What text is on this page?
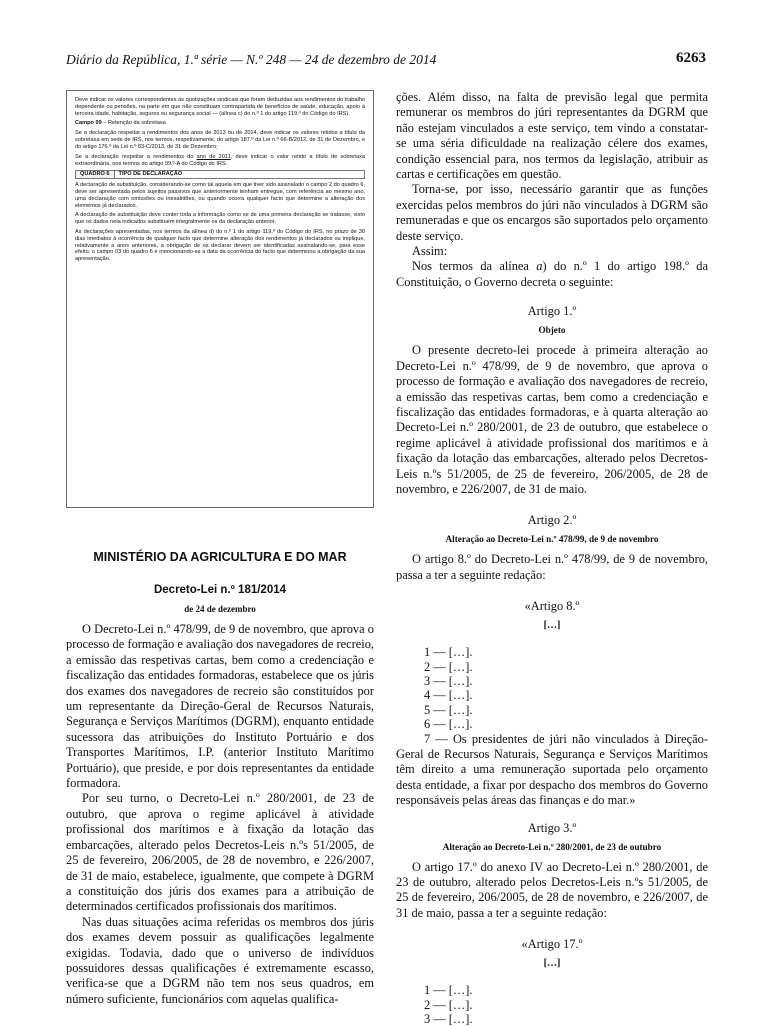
Diário da República, 1.ª série — N.º 248 — 24 de dezembro de 2014	6263

Deve indicar os valores correspondentes às quotizações sindicais que foram deduzidas aos rendimentos do trabalho dependente ou pensões, na parte em que não constituam contrapartida de benefícios de saúde, educação, apoio à terceira idade, habitação, seguros ou segurança social — (alínea c) do n.º 1 do artigo 119.º do Código do IRS).

Campo 09 – Retenção da sobretaxa

Se a declaração respeitar a rendimentos dos anos de 2013 ou de 2014, deve indicar os valores retidos a título da sobretaxa em sede de IRS, nos termos, respetivamente, do artigo 187.º da Lei n.º 66-B/2012, de 31 de Dezembro, e do artigo 176.º da Lei n.º 83-C/2013, de 31 de Dezembro;

Se a declaração respeitar a rendimentos do ano de 2011, deve indicar o valor retido a título de sobretaxa extraordinária, nos termos do artigo 99.º-A do Código do IRS.

QUADRO 6	TIPO DE DECLARAÇÃO

A declaração de substituição, considerando-se como tal aquela em que tiver sido assinalado o campo 2 do quadro 6, deve ser apresentada pelos sujeitos passivos que anteriormente tenham entregue, com referência ao mesmo ano, uma declaração com omissões ou inexatidões, ou quando ocorra qualquer facto que determine a alteração dos elementos já declarados.

A declaração de substituição deve conter toda a informação como se de uma primeira declaração se tratasse, visto que os dados nela indicados substituem integralmente os da declaração anterior.

As declarações apresentadas, nos termos da alínea d) do n.º 1 do artigo 119.º do Código do IRS, no prazo de 30 dias imediatos à ocorrência de qualquer facto que determine alteração dos rendimentos já declarados ou implique, relativamente a anos anteriores, a obrigação de os declarar devem ser identificadas assinalando-se, para esse efeito, o campo 03 do quadro 6 e mencionando-se a data da ocorrência do facto que determinou a obrigação da sua apresentação.

MINISTÉRIO DA AGRICULTURA E DO MAR
Decreto-Lei n.º 181/2014
de 24 de dezembro

O Decreto-Lei n.º 478/99, de 9 de novembro, que aprova o processo de formação e avaliação dos navegadores de recreio, a emissão das respetivas cartas, bem como a credenciação e fiscalização das entidades formadoras, estabelece que os júris dos exames dos navegadores de recreio são constituídos por um representante da Direção-Geral de Recursos Naturais, Segurança e Serviços Marítimos (DGRM), enquanto entidade sucessora das atribuições do Instituto Portuário e dos Transportes Marítimos, I.P. (anterior Instituto Marítimo Portuário), que preside, e por dois representantes da entidade formadora.

Por seu turno, o Decreto-Lei n.º 280/2001, de 23 de outubro, que aprova o regime aplicável à atividade profissional dos marítimos e à fixação da lotação das embarcações, alterado pelos Decretos-Leis n.ºs 51/2005, de 25 de fevereiro, 206/2005, de 28 de novembro, e 226/2007, de 31 de maio, estabelece, igualmente, que compete à DGRM a constituição dos júris dos exames para a atribuição de determinados certificados profissionais dos marítimos.

Nas duas situações acima referidas os membros dos júris dos exames devem possuir as qualificações legalmente exigidas. Todavia, dado que o universo de indivíduos possuidores dessas qualificações é extremamente escasso, verifica-se que a DGRM não tem nos seus quadros, em número suficiente, funcionários com aquelas qualifica-

ções. Além disso, na falta de previsão legal que permita remunerar os membros do júri representantes da DGRM que não estejam vinculados a este serviço, tem vindo a constatar-se uma séria dificuldade na realização célere dos exames, condição essencial para, nos termos da legislação, atribuir as cartas e certificações em questão.

Torna-se, por isso, necessário garantir que as funções exercidas pelos membros do júri não vinculados à DGRM são remuneradas e que os encargos são suportados pelo orçamento deste serviço.

Assim:

Nos termos da alínea a) do n.º 1 do artigo 198.º da Constituição, o Governo decreta o seguinte:

Artigo 1.º
Objeto

O presente decreto-lei procede à primeira alteração ao Decreto-Lei n.º 478/99, de 9 de novembro, que aprova o processo de formação e avaliação dos navegadores de recreio, a emissão das respetivas cartas, bem como a credenciação e fiscalização das entidades formadoras, e à quarta alteração ao Decreto-Lei n.º 280/2001, de 23 de outubro, que estabelece o regime aplicável à atividade profissional dos marítimos e à fixação da lotação das embarcações, alterado pelos Decretos-Leis n.ºs 51/2005, de 25 de fevereiro, 206/2005, de 28 de novembro, e 226/2007, de 31 de maio.

Artigo 2.º
Alteração ao Decreto-Lei n.º 478/99, de 9 de novembro

O artigo 8.º do Decreto-Lei n.º 478/99, de 9 de novembro, passa a ter a seguinte redação:

«Artigo 8.º
[…]

1 — […].

2 — […].

3 — […].

4 — […].

5 — […].

6 — […].

7 — Os presidentes de júri não vinculados à Direção-Geral de Recursos Naturais, Segurança e Serviços Marítimos têm direito a uma remuneração suportada pelo orçamento desta entidade, a fixar por despacho dos membros do Governo responsáveis pelas áreas das finanças e do mar.»

Artigo 3.º
Alteração ao Decreto-Lei n.º 280/2001, de 23 de outubro

O artigo 17.º do anexo IV ao Decreto-Lei n.º 280/2001, de 23 de outubro, alterado pelos Decretos-Leis n.ºs 51/2005, de 25 de fevereiro, 206/2005, de 28 de novembro, e 226/2007, de 31 de maio, passa a ter a seguinte redação:

«Artigo 17.º
[…]

1 — […].

2 — […].

3 — […].
